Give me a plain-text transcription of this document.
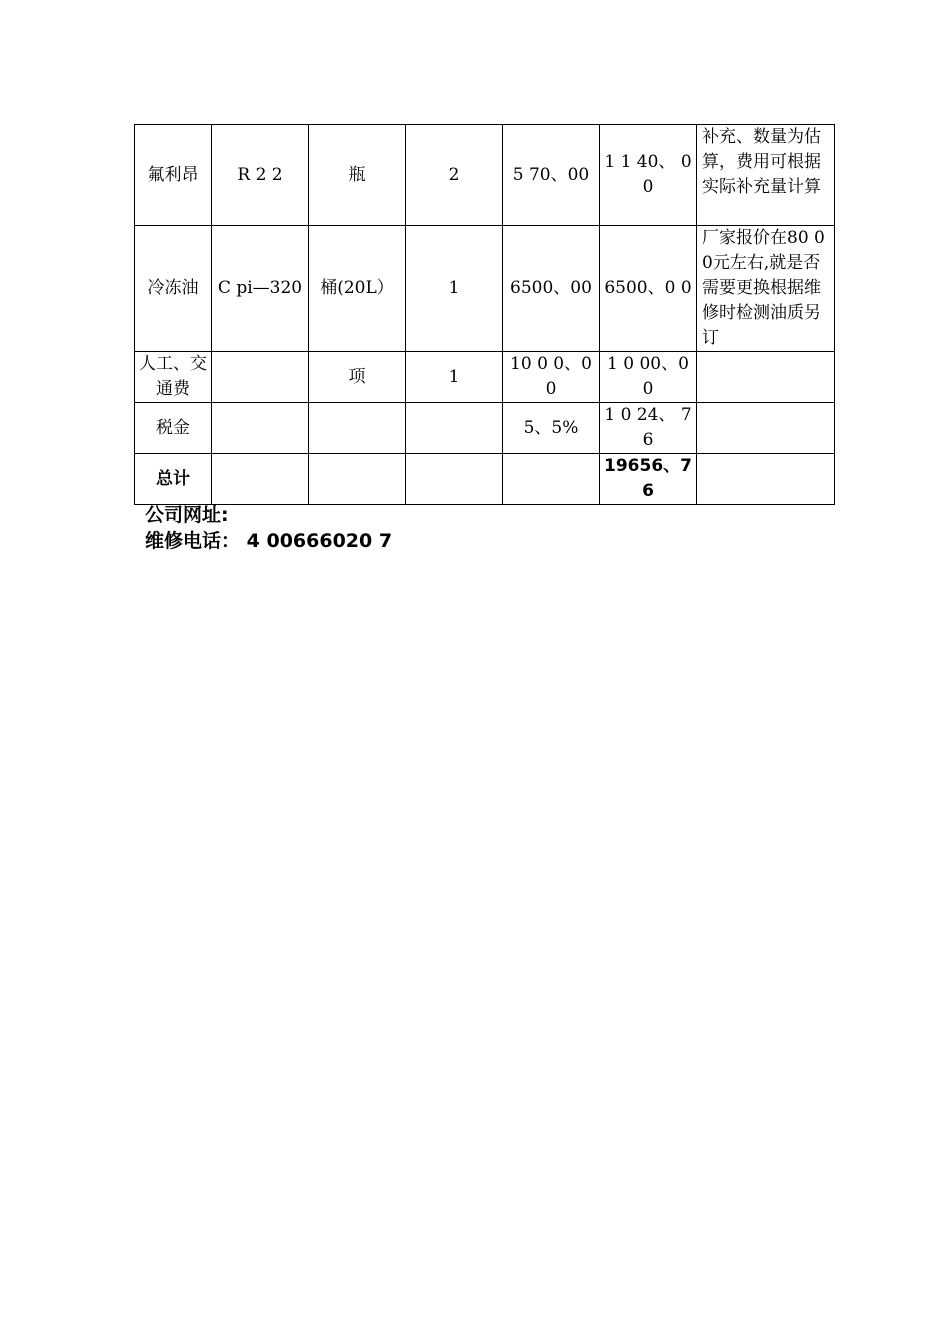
氟利昂	R 2 2	瓶	2	5 70、00	1 1 40、 0 0	补充、数量为估算，费用可根据实际补充量计算
冷冻油	C pi—320	桶(20L）	1	6500、00	6500、0 0	厂家报价在80 0 0元左右,就是否需要更换根据维修时检测油质另订
人工、交通费		项	1	10 0 0、0 0	1 0 00、00	
税金				5、5%	1 0 24、 7 6	
总计					19656、7 6	
公司网址:
维修电话： 4 00666020 7
